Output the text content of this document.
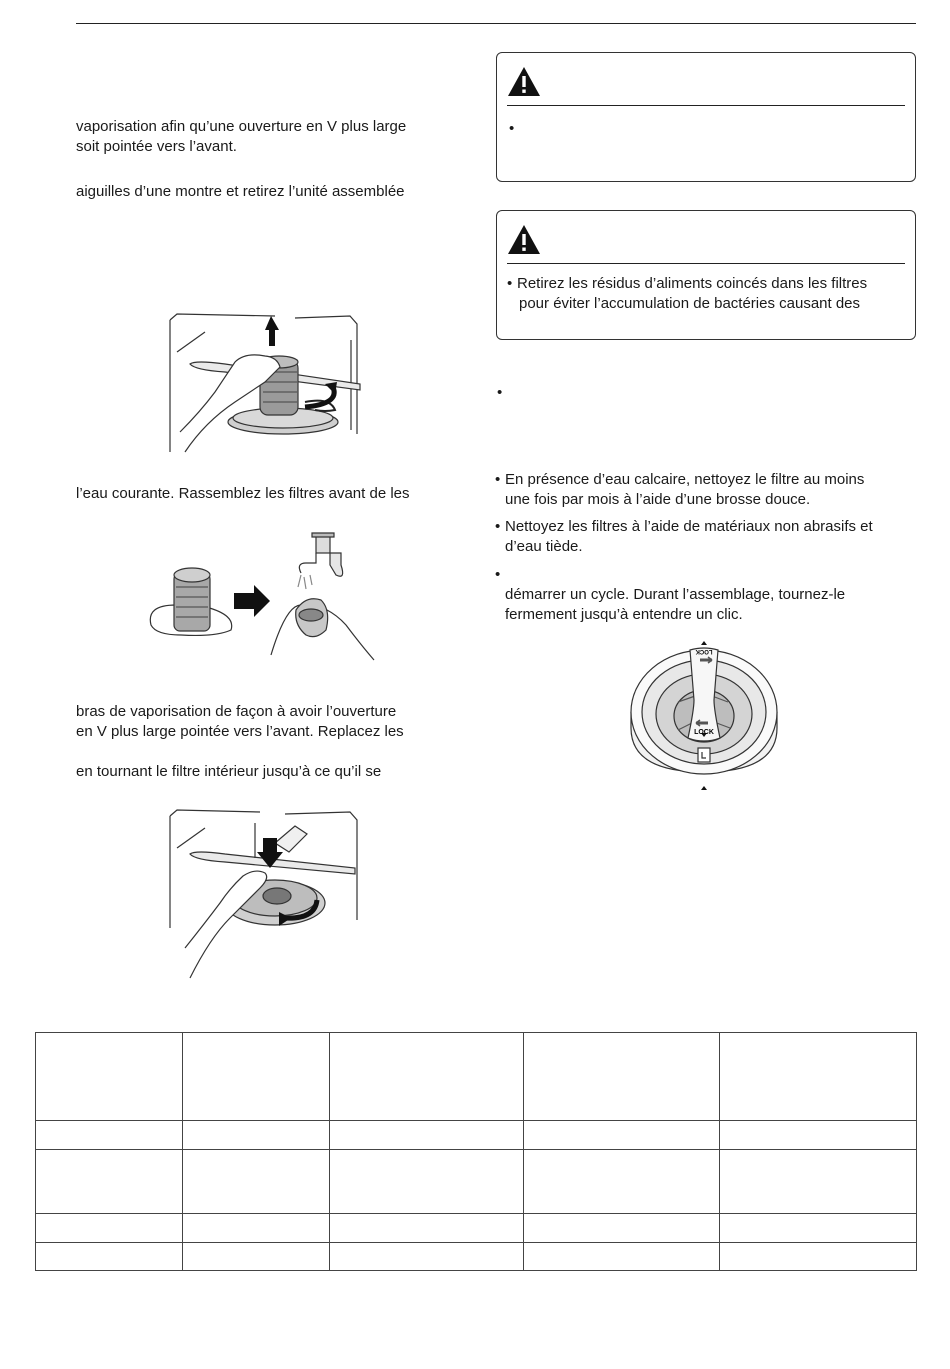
vaporisation afin qu’une ouverture en V plus large
soit pointée vers l’avant.
aiguilles d’une montre et retirez l’unité assemblée
l’eau courante. Rassemblez les filtres avant de les
bras de vaporisation de façon à avoir l’ouverture
en V plus large pointée vers l’avant. Replacez les
en tournant le filtre intérieur jusqu’à ce qu’il se
•
• Retirez les résidus d’aliments coincés dans les filtres
pour éviter l’accumulation de bactéries causant des
•
• En présence d’eau calcaire, nettoyez le filtre au moins
une fois par mois à l’aide d’une brosse douce.
• Nettoyez les filtres à l’aide de matériaux non abrasifs et
d’eau tiède.
•
démarrer un cycle. Durant l’assemblage, tournez-le
fermement jusqu’à entendre un clic.
LOCK
LOCK
